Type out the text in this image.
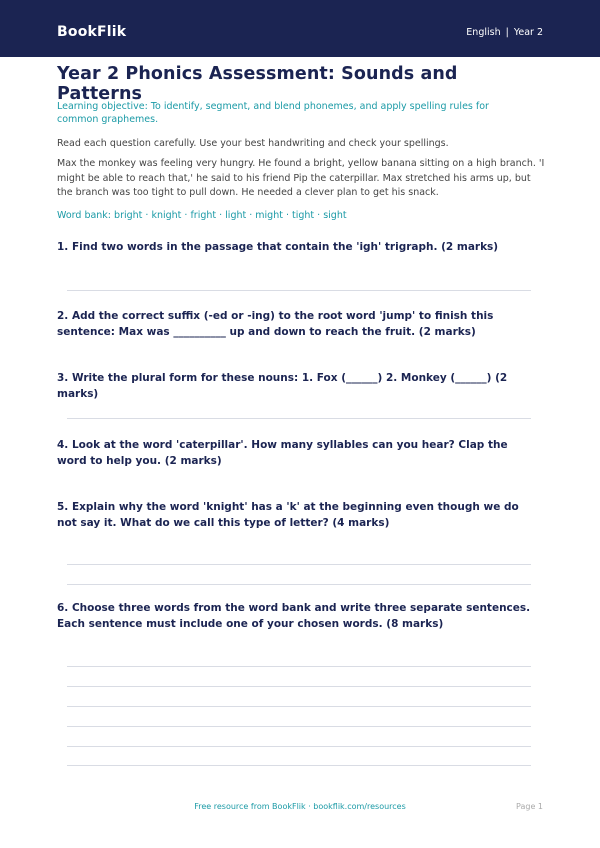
BookFlik	English | Year 2
Year 2 Phonics Assessment: Sounds and Patterns
Learning objective: To identify, segment, and blend phonemes, and apply spelling rules for common graphemes.
Read each question carefully. Use your best handwriting and check your spellings.
Max the monkey was feeling very hungry. He found a bright, yellow banana sitting on a high branch. 'I might be able to reach that,' he said to his friend Pip the caterpillar. Max stretched his arms up, but the branch was too tight to pull down. He needed a clever plan to get his snack.
Word bank: bright · knight · fright · light · might · tight · sight
1. Find two words in the passage that contain the 'igh' trigraph. (2 marks)
2. Add the correct suffix (-ed or -ing) to the root word 'jump' to finish this sentence: Max was __________ up and down to reach the fruit. (2 marks)
3. Write the plural form for these nouns: 1. Fox (______) 2. Monkey (______) (2 marks)
4. Look at the word 'caterpillar'. How many syllables can you hear? Clap the word to help you. (2 marks)
5. Explain why the word 'knight' has a 'k' at the beginning even though we do not say it. What do we call this type of letter? (4 marks)
6. Choose three words from the word bank and write three separate sentences. Each sentence must include one of your chosen words. (8 marks)
Free resource from BookFlik · bookflik.com/resources	Page 1
